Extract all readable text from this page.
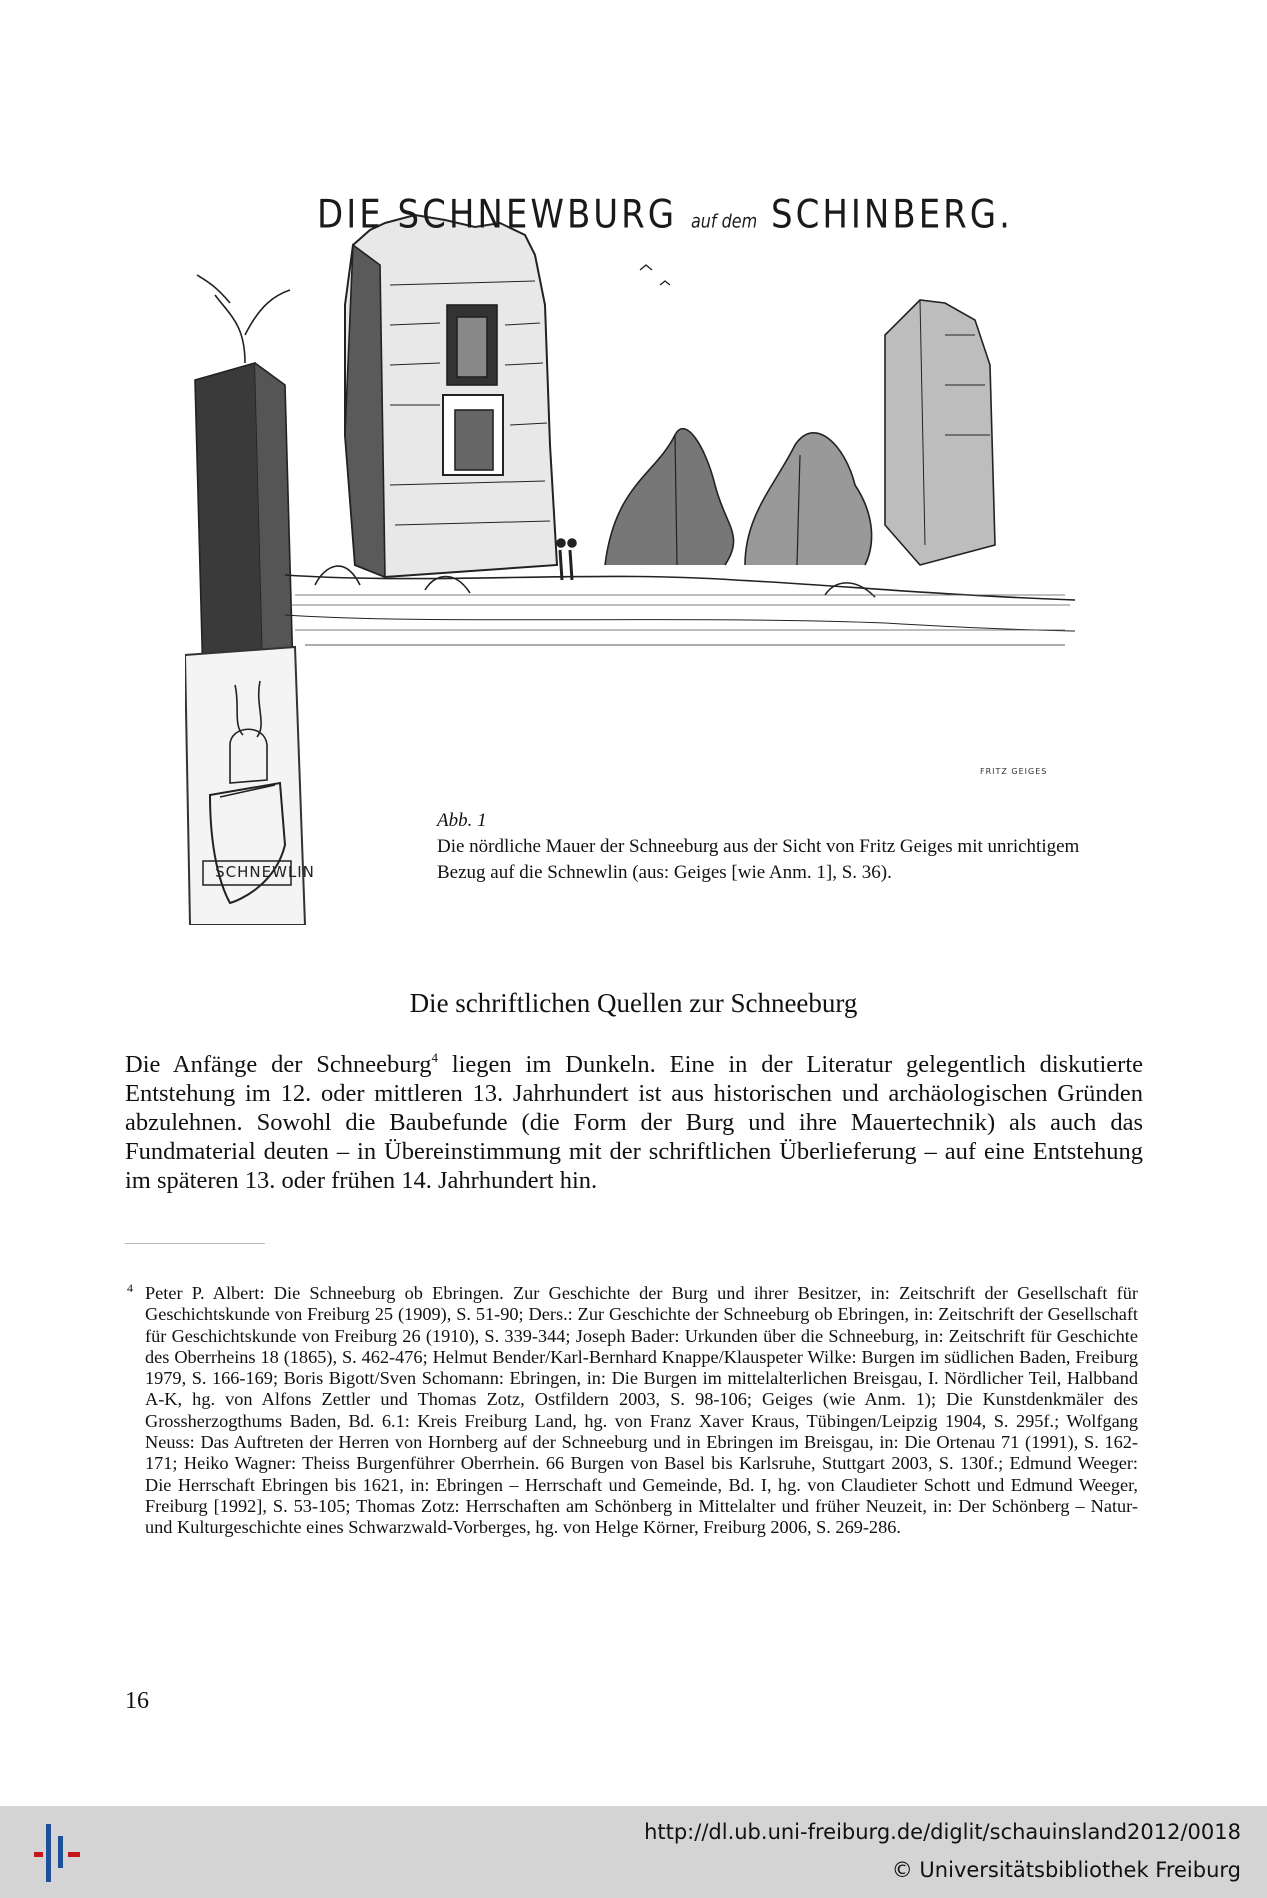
DIE SCHNEWBURG auf dem SCHINBERG.
SCHNEWLIN
FRITZ GEIGES
Abb. 1
Die nördliche Mauer der Schneeburg aus der Sicht von Fritz Geiges mit unrichtigem Bezug auf die Schnewlin (aus: Geiges [wie Anm. 1], S. 36).
Die schriftlichen Quellen zur Schneeburg
Die Anfänge der Schneeburg$^4$ liegen im Dunkeln. Eine in der Literatur gelegentlich diskutierte Entstehung im 12. oder mittleren 13. Jahrhundert ist aus historischen und archäologischen Gründen abzulehnen. Sowohl die Baubefunde (die Form der Burg und ihre Mauertechnik) als auch das Fundmaterial deuten – in Übereinstimmung mit der schriftlichen Überlieferung – auf eine Entstehung im späteren 13. oder frühen 14. Jahrhundert hin.
4 Peter P. Albert: Die Schneeburg ob Ebringen. Zur Geschichte der Burg und ihrer Besitzer, in: Zeitschrift der Gesellschaft für Geschichtskunde von Freiburg 25 (1909), S. 51-90; Ders.: Zur Geschichte der Schneeburg ob Ebringen, in: Zeitschrift der Gesellschaft für Geschichtskunde von Freiburg 26 (1910), S. 339-344; Joseph Bader: Urkunden über die Schneeburg, in: Zeitschrift für Geschichte des Oberrheins 18 (1865), S. 462-476; Helmut Bender/Karl-Bernhard Knappe/Klauspeter Wilke: Burgen im südlichen Baden, Freiburg 1979, S. 166-169; Boris Bigott/Sven Schomann: Ebringen, in: Die Burgen im mittelalterlichen Breisgau, I. Nördlicher Teil, Halbband A-K, hg. von Alfons Zettler und Thomas Zotz, Ostfildern 2003, S. 98-106; Geiges (wie Anm. 1); Die Kunstdenkmäler des Grossherzogthums Baden, Bd. 6.1: Kreis Freiburg Land, hg. von Franz Xaver Kraus, Tübingen/Leipzig 1904, S. 295f.; Wolfgang Neuss: Das Auftreten der Herren von Hornberg auf der Schneeburg und in Ebringen im Breisgau, in: Die Ortenau 71 (1991), S. 162-171; Heiko Wagner: Theiss Burgenführer Oberrhein. 66 Burgen von Basel bis Karlsruhe, Stuttgart 2003, S. 130f.; Edmund Weeger: Die Herrschaft Ebringen bis 1621, in: Ebringen – Herrschaft und Gemeinde, Bd. I, hg. von Claudieter Schott und Edmund Weeger, Freiburg [1992], S. 53-105; Thomas Zotz: Herrschaften am Schönberg in Mittelalter und früher Neuzeit, in: Der Schönberg – Natur- und Kulturgeschichte eines Schwarzwald-Vorberges, hg. von Helge Körner, Freiburg 2006, S. 269-286.
16
http://dl.ub.uni-freiburg.de/diglit/schauinsland2012/0018
© Universitätsbibliothek Freiburg
